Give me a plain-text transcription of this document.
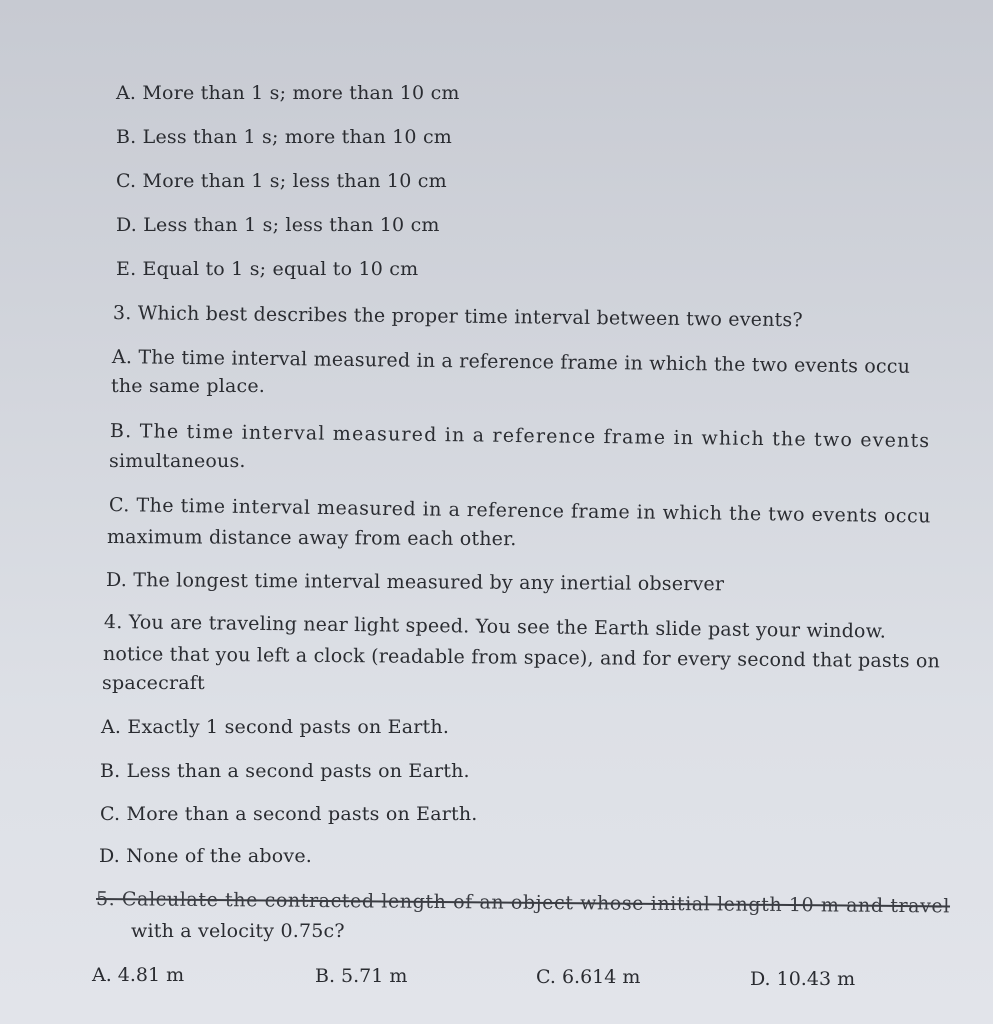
A. More than 1 s; more than 10 cm
B. Less than 1 s; more than 10 cm
C. More than 1 s; less than 10 cm
D. Less than 1 s; less than 10 cm
E. Equal to 1 s; equal to 10 cm
3. Which best describes the proper time interval between two events?
A. The time interval measured in a reference frame in which the two events occu
the same place.
B. The time interval measured in a reference frame in which the two events
simultaneous.
C. The time interval measured in a reference frame in which the two events occu
maximum distance away from each other.
D. The longest time interval measured by any inertial observer
4. You are traveling near light speed. You see the Earth slide past your window.
notice that you left a clock (readable from space), and for every second that pasts on
spacecraft
A. Exactly 1 second pasts on Earth.
B. Less than a second pasts on Earth.
C. More than a second pasts on Earth.
D. None of the above.
5. Calculate the contracted length of an object whose initial length 10 m and travel
with a velocity 0.75c?
A. 4.81 m	B. 5.71 m	C. 6.614 m	D. 10.43 m
